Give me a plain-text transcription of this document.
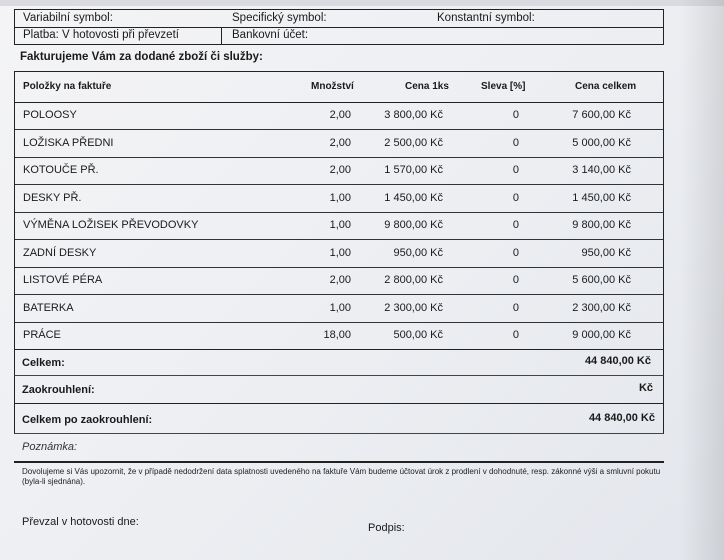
Variabilní symbol:	Specifický symbol:	Konstantní symbol:
Platba: V hotovosti při převzetí	Bankovní účet:
Fakturujeme Vám za dodané zboží či služby:
Položky na faktuře	Množství	Cena 1ks	Sleva [%]	Cena celkem
POLOOSY	2,00	3 800,00 Kč	0	7 600,00 Kč
LOŽISKA PŘEDNI	2,00	2 500,00 Kč	0	5 000,00 Kč
KOTOUČE PŘ.	2,00	1 570,00 Kč	0	3 140,00 Kč
DESKY PŘ.	1,00	1 450,00 Kč	0	1 450,00 Kč
VÝMĚNA LOŽISEK PŘEVODOVKY	1,00	9 800,00 Kč	0	9 800,00 Kč
ZADNÍ DESKY	1,00	950,00 Kč	0	950,00 Kč
LISTOVÉ PÉRA	2,00	2 800,00 Kč	0	5 600,00 Kč
BATERKA	1,00	2 300,00 Kč	0	2 300,00 Kč
PRÁCE	18,00	500,00 Kč	0	9 000,00 Kč
Celkem:	44 840,00 Kč
Zaokrouhlení:	Kč
Celkem po zaokrouhlení:	44 840,00 Kč
Poznámka:
Dovolujeme si Vás upozornit, že v případě nedodržení data splatnosti uvedeného na faktuře Vám budeme účtovat úrok z prodlení v dohodnuté, resp. zákonné výši a smluvní pokutu (byla-li sjednána).
Převzal v hotovosti dne:	Podpis:
